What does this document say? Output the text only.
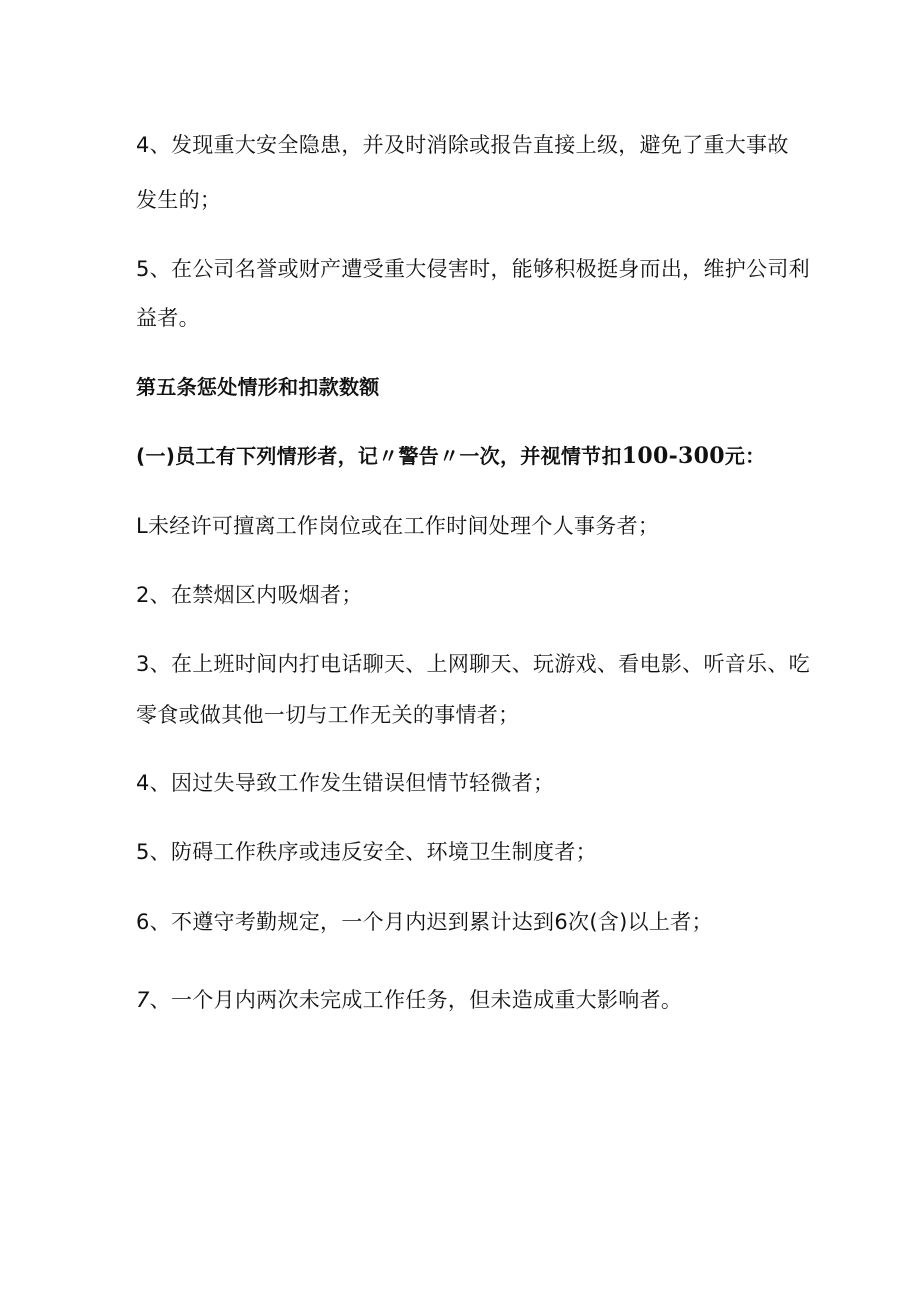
4、发现重大安全隐患，并及时消除或报告直接上级，避免了重大事故
发生的；
5、在公司名誉或财产遭受重大侵害时，能够积极挺身而出，维护公司利
益者。
第五条惩处情形和扣款数额
(一)员工有下列情形者，记〃警告〃一次，并视情节扣100-300元：
L未经许可擅离工作岗位或在工作时间处理个人事务者；
2、在禁烟区内吸烟者；
3、在上班时间内打电话聊天、上网聊天、玩游戏、看电影、听音乐、吃
零食或做其他一切与工作无关的事情者；
4、因过失导致工作发生错误但情节轻微者；
5、防碍工作秩序或违反安全、环境卫生制度者；
6、不遵守考勤规定，一个月内迟到累计达到6次(含)以上者；
7、一个月内两次未完成工作任务，但未造成重大影响者。
